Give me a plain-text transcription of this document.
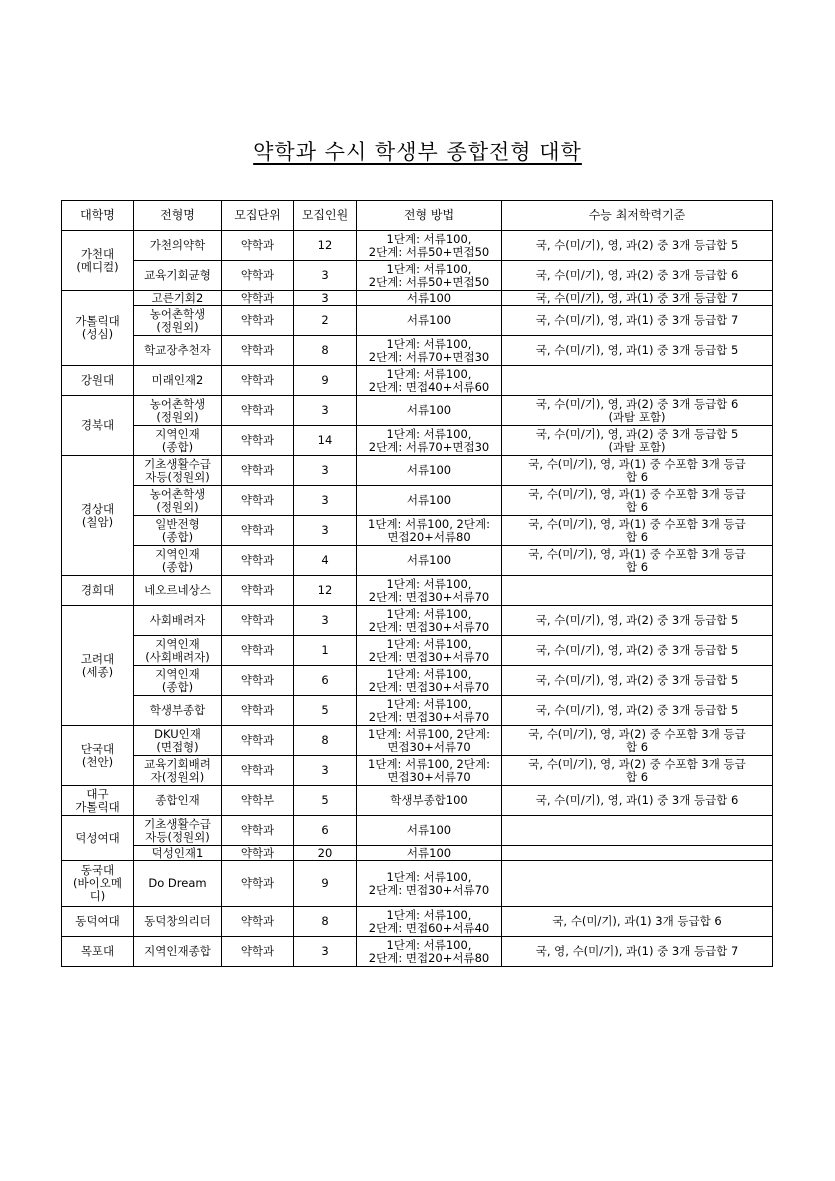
약학과 수시 학생부 종합전형 대학
대학명	전형명	모집단위	모집인원	전형 방법	수능 최저학력기준
가천대
(메디컬)	가천의약학	약학과	12	1단계: 서류100,
2단계: 서류50+면접50	국, 수(미/기), 영, 과(2) 중 3개 등급합 5
	교육기회균형	약학과	3	1단계: 서류100,
2단계: 서류50+면접50	국, 수(미/기), 영, 과(2) 중 3개 등급합 6
가톨릭대
(성심)	고른기회2	약학과	3	서류100	국, 수(미/기), 영, 과(1) 중 3개 등급합 7
	농어촌학생
(정원외)	약학과	2	서류100	국, 수(미/기), 영, 과(1) 중 3개 등급합 7
	학교장추천자	약학과	8	1단계: 서류100,
2단계: 서류70+면접30	국, 수(미/기), 영, 과(1) 중 3개 등급합 5
강원대	미래인재2	약학과	9	1단계: 서류100,
2단계: 면접40+서류60	
경북대	농어촌학생
(정원외)	약학과	3	서류100	국, 수(미/기), 영, 과(2) 중 3개 등급합 6
(과탐 포함)
	지역인재
(종합)	약학과	14	1단계: 서류100,
2단계: 서류70+면접30	국, 수(미/기), 영, 과(2) 중 3개 등급합 5
(과탐 포함)
경상대
(칠암)	기초생활수급
자등(정원외)	약학과	3	서류100	국, 수(미/기), 영, 과(1) 중 수포함 3개 등급
합 6
	농어촌학생
(정원외)	약학과	3	서류100	국, 수(미/기), 영, 과(1) 중 수포함 3개 등급
합 6
	일반전형
(종합)	약학과	3	1단계: 서류100, 2단계:
면접20+서류80	국, 수(미/기), 영, 과(1) 중 수포함 3개 등급
합 6
	지역인재
(종합)	약학과	4	서류100	국, 수(미/기), 영, 과(1) 중 수포함 3개 등급
합 6
경희대	네오르네상스	약학과	12	1단계: 서류100,
2단계: 면접30+서류70	
고려대
(세종)	사회배려자	약학과	3	1단계: 서류100,
2단계: 면접30+서류70	국, 수(미/기), 영, 과(2) 중 3개 등급합 5
	지역인재
(사회배려자)	약학과	1	1단계: 서류100,
2단계: 면접30+서류70	국, 수(미/기), 영, 과(2) 중 3개 등급합 5
	지역인재
(종합)	약학과	6	1단계: 서류100,
2단계: 면접30+서류70	국, 수(미/기), 영, 과(2) 중 3개 등급합 5
	학생부종합	약학과	5	1단계: 서류100,
2단계: 면접30+서류70	국, 수(미/기), 영, 과(2) 중 3개 등급합 5
단국대
(천안)	DKU인재
(면접형)	약학과	8	1단계: 서류100, 2단계:
면접30+서류70	국, 수(미/기), 영, 과(2) 중 수포함 3개 등급
합 6
	교육기회배려
자(정원외)	약학과	3	1단계: 서류100, 2단계:
면접30+서류70	국, 수(미/기), 영, 과(2) 중 수포함 3개 등급
합 6
대구
가톨릭대	종합인재	약학부	5	학생부종합100	국, 수(미/기), 영, 과(1) 중 3개 등급합 6
덕성여대	기초생활수급
자등(정원외)	약학과	6	서류100	
	덕성인재1	약학과	20	서류100	
동국대
(바이오메
디)	Do Dream	약학과	9	1단계: 서류100,
2단계: 면접30+서류70	
동덕여대	동덕창의리더	약학과	8	1단계: 서류100,
2단계: 면접60+서류40	국, 수(미/기), 과(1) 3개 등급합 6
목포대	지역인재종합	약학과	3	1단계: 서류100,
2단계: 면접20+서류80	국, 영, 수(미/기), 과(1) 중 3개 등급합 7
